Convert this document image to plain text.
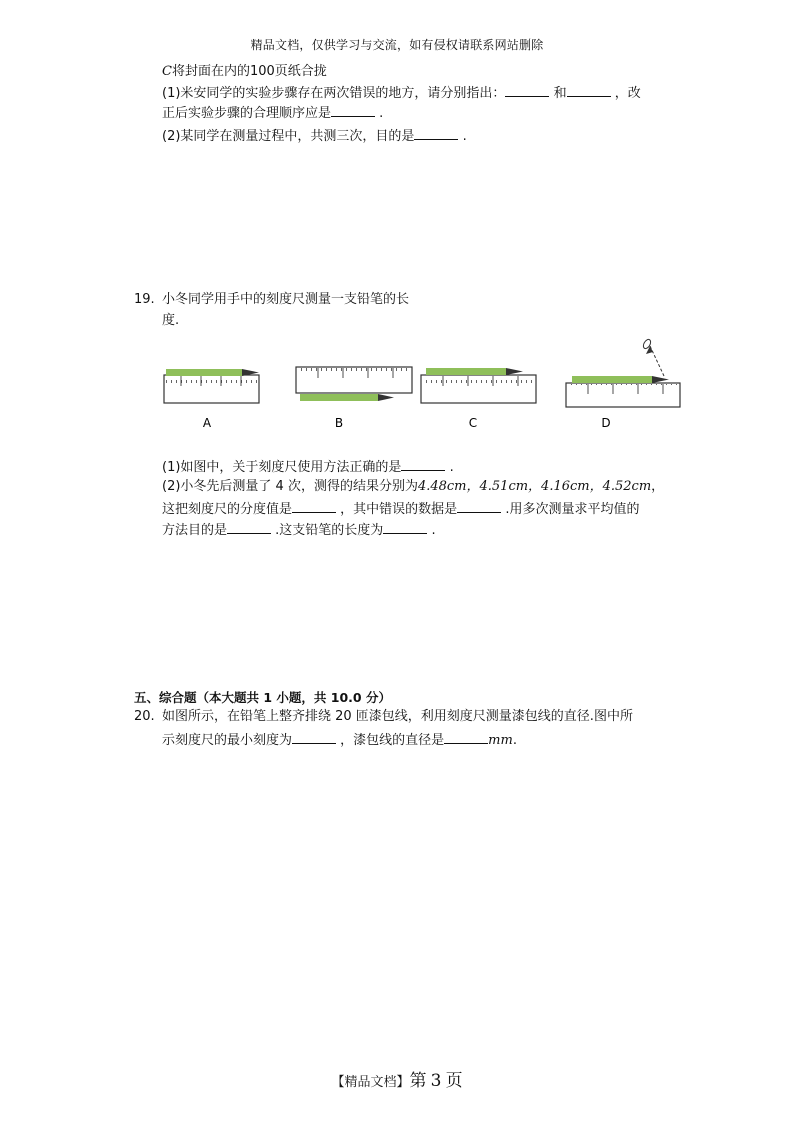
精品文档，仅供学习与交流，如有侵权请联系网站删除
C将封面在内的100页纸合拢
(1)米安同学的实验步骤存在两次错误的地方，请分别指出：	和	，改
正后实验步骤的合理顺序应是	.
(2)某同学在测量过程中，共测三次，目的是	.
19. 小冬同学用手中的刻度尺测量一支铅笔的长
度.
A	B	C	D
(1)如图中，关于刻度尺使用方法正确的是	.
(2)小冬先后测量了 4 次，测得的结果分别为4.48cm，4.51cm，4.16cm，4.52cm，
这把刻度尺的分度值是	，其中错误的数据是	.用多次测量求平均值的
方法目的是	.这支铅笔的长度为	.
五、综合题（本大题共 1 小题，共 10.0 分）
20. 如图所示，在铅笔上整齐排绕 20 匝漆包线，利用刻度尺测量漆包线的直径.图中所
示刻度尺的最小刻度为	，漆包线的直径是	mm.
【精品文档】第 3 页
